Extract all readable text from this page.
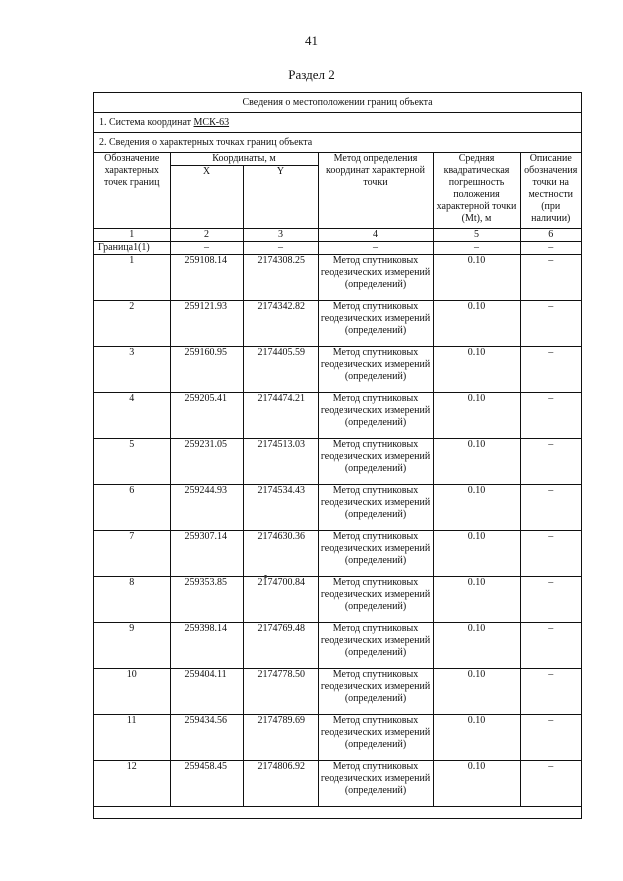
41
Раздел 2
Сведения о местоположении границ объекта
1. Система координат МСК-63
2. Сведения о характерных точках границ объекта
Обозначение характерных точек границ	Координаты, м		Метод определения координат характерной точки	Средняя квадратическая погрешность положения характерной точки (Mt), м	Описание обозначения точки на местности (при наличии)
	X	Y			
1	2	3	4	5	6
Граница1(1)	–	–	–	–	–
1	259108.14	2174308.25	Метод спутниковых геодезических измерений (определений)	0.10	–
2	259121.93	2174342.82	Метод спутниковых геодезических измерений (определений)	0.10	–
3	259160.95	2174405.59	Метод спутниковых геодезических измерений (определений)	0.10	–
4	259205.41	2174474.21	Метод спутниковых геодезических измерений (определений)	0.10	–
5	259231.05	2174513.03	Метод спутниковых геодезических измерений (определений)	0.10	–
6	259244.93	2174534.43	Метод спутниковых геодезических измерений (определений)	0.10	–
7	259307.14	2174630.36	Метод спутниковых геодезических измерений (определений)	0.10	–
8	259353.85	2174700.84	Метод спутниковых геодезических измерений (определений)	0.10	–
9	259398.14	2174769.48	Метод спутниковых геодезических измерений (определений)	0.10	–
10	259404.11	2174778.50	Метод спутниковых геодезических измерений (определений)	0.10	–
11	259434.56	2174789.69	Метод спутниковых геодезических измерений (определений)	0.10	–
12	259458.45	2174806.92	Метод спутниковых геодезических измерений (определений)	0.10	–
